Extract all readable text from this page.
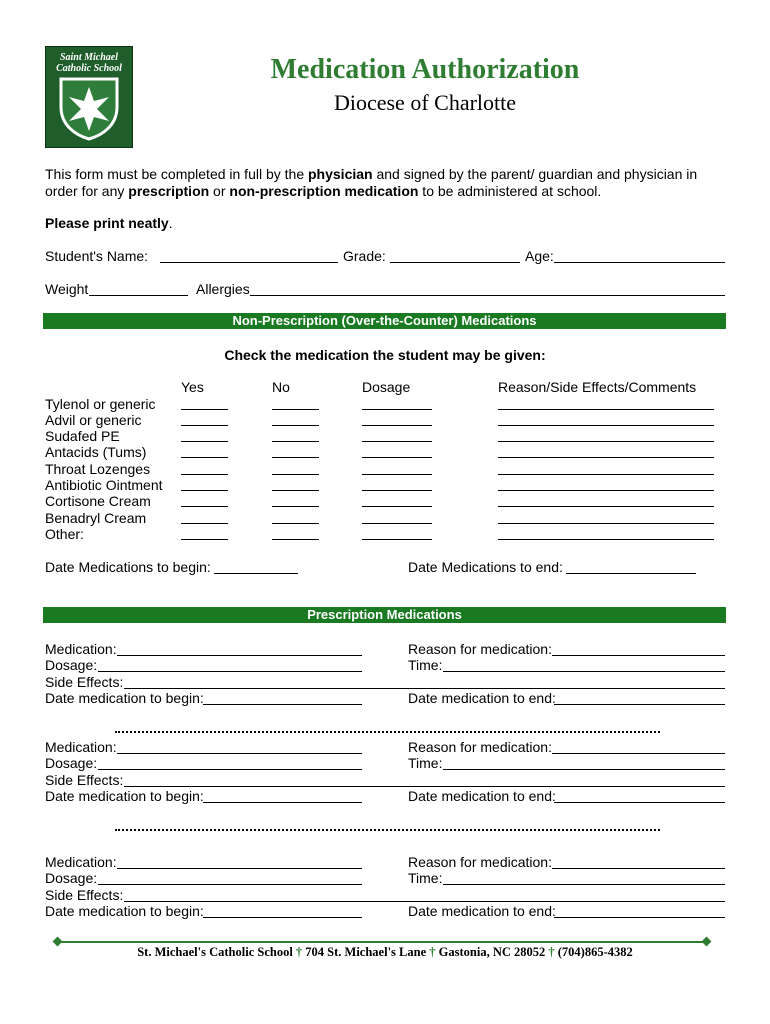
Saint Michael
Catholic School	Medication Authorization
Diocese of Charlotte
This form must be completed in full by the physician and signed by the parent/ guardian and physician in
order for any prescription or non-prescription medication to be administered at school.
Please print neatly.
Student's Name:	Grade:	Age:
Weight	Allergies
Non-Prescription (Over-the-Counter) Medications
Check the medication the student may be given:
Yes	No	Dosage	Reason/Side Effects/Comments
Tylenol or generic
Advil or generic
Sudafed PE
Antacids (Tums)
Throat Lozenges
Antibiotic Ointment
Cortisone Cream
Benadryl Cream
Other:
Date Medications to begin:	Date Medications to end:
Prescription Medications
Medication:	Reason for medication:
Dosage:	Time:
Side Effects:
Date medication to begin:	Date medication to end:
Medication:	Reason for medication:
Dosage:	Time:
Side Effects:
Date medication to begin:	Date medication to end:
Medication:	Reason for medication:
Dosage:	Time:
Side Effects:
Date medication to begin:	Date medication to end:
St. Michael's Catholic School † 704 St. Michael's Lane † Gastonia, NC 28052 † (704)865-4382
